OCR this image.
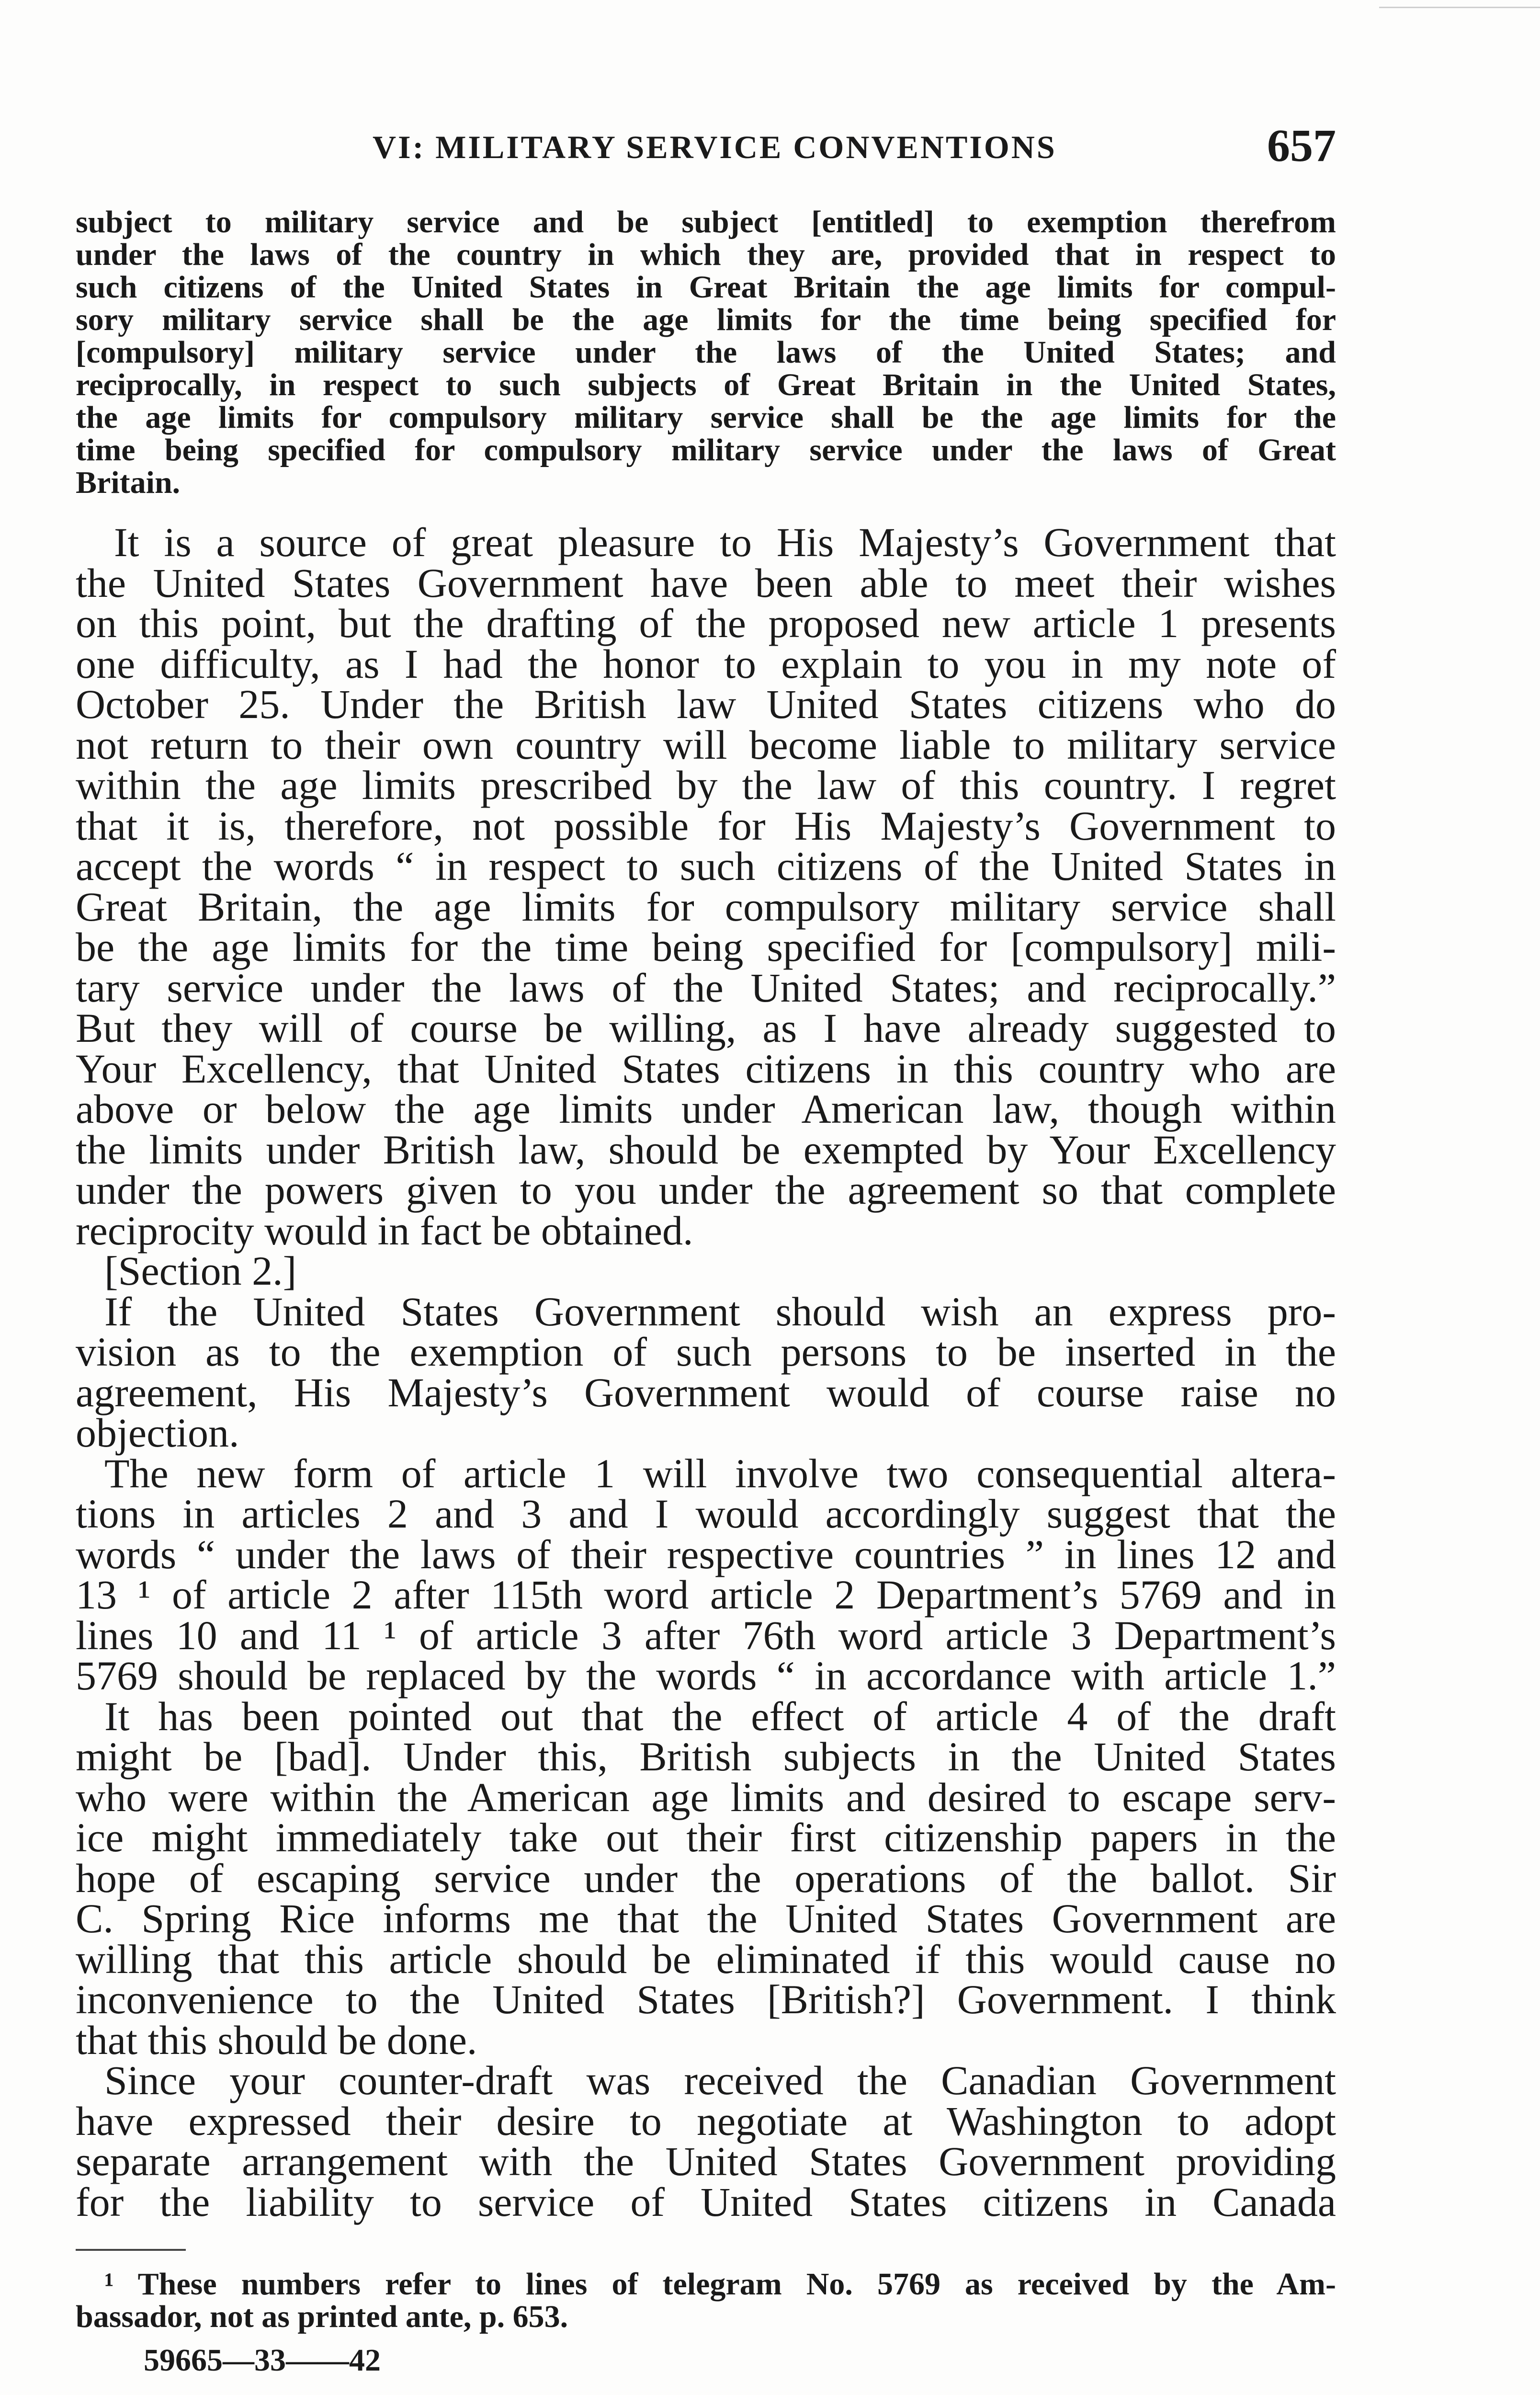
VI: MILITARY SERVICE CONVENTIONS	657
subject to military service and be subject [entitled] to exemption therefrom
under the laws of the country in which they are, provided that in respect to
such citizens of the United States in Great Britain the age limits for compul-
sory military service shall be the age limits for the time being specified for
[compulsory] military service under the laws of the United States; and
reciprocally, in respect to such subjects of Great Britain in the United States,
the age limits for compulsory military service shall be the age limits for the
time being specified for compulsory military service under the laws of Great
Britain.
It is a source of great pleasure to His Majesty’s Government that
the United States Government have been able to meet their wishes
on this point, but the drafting of the proposed new article 1 presents
one difficulty, as I had the honor to explain to you in my note of
October 25. Under the British law United States citizens who do
not return to their own country will become liable to military service
within the age limits prescribed by the law of this country. I regret
that it is, therefore, not possible for His Majesty’s Government to
accept the words “ in respect to such citizens of the United States in
Great Britain, the age limits for compulsory military service shall
be the age limits for the time being specified for [compulsory] mili-
tary service under the laws of the United States; and reciprocally.”
But they will of course be willing, as I have already suggested to
Your Excellency, that United States citizens in this country who are
above or below the age limits under American law, though within
the limits under British law, should be exempted by Your Excellency
under the powers given to you under the agreement so that complete
reciprocity would in fact be obtained.
[Section 2.]
If the United States Government should wish an express pro-
vision as to the exemption of such persons to be inserted in the
agreement, His Majesty’s Government would of course raise no
objection.
The new form of article 1 will involve two consequential altera-
tions in articles 2 and 3 and I would accordingly suggest that the
words “ under the laws of their respective countries ” in lines 12 and
13 ¹ of article 2 after 115th word article 2 Department’s 5769 and in
lines 10 and 11 ¹ of article 3 after 76th word article 3 Department’s
5769 should be replaced by the words “ in accordance with article 1.”
It has been pointed out that the effect of article 4 of the draft
might be [bad]. Under this, British subjects in the United States
who were within the American age limits and desired to escape serv-
ice might immediately take out their first citizenship papers in the
hope of escaping service under the operations of the ballot. Sir
C. Spring Rice informs me that the United States Government are
willing that this article should be eliminated if this would cause no
inconvenience to the United States [British?] Government. I think
that this should be done.
Since your counter-draft was received the Canadian Government
have expressed their desire to negotiate at Washington to adopt
separate arrangement with the United States Government providing
for the liability to service of United States citizens in Canada
¹ These numbers refer to lines of telegram No. 5769 as received by the Am-
bassador, not as printed ante, p. 653.
59665—33——42
